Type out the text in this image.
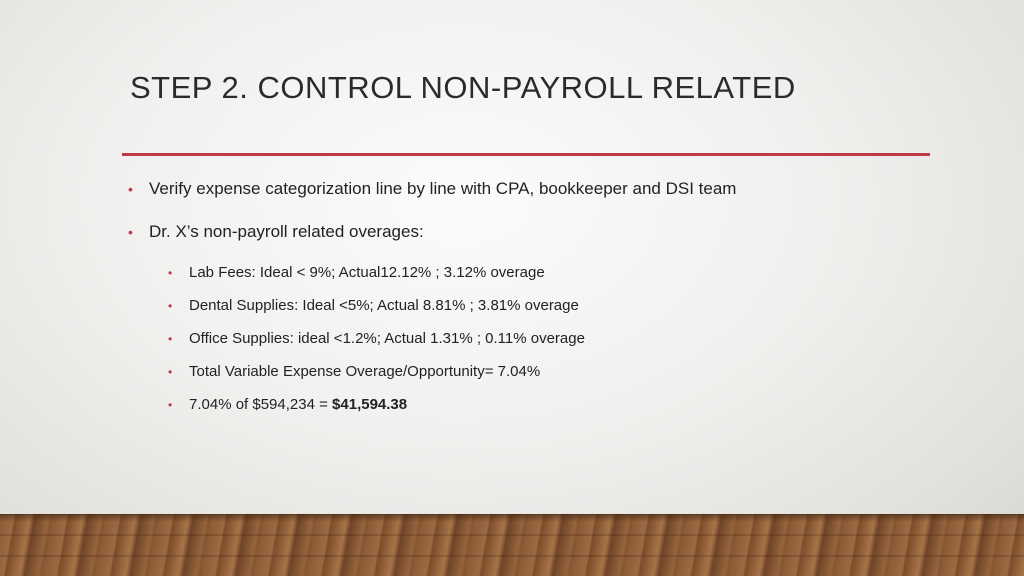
STEP 2. CONTROL NON-PAYROLL RELATED
• Verify expense categorization line by line with CPA, bookkeeper and DSI team
• Dr. X’s non-payroll related overages:
• Lab Fees: Ideal < 9%; Actual12.12% ; 3.12% overage
• Dental Supplies: Ideal <5%; Actual 8.81% ; 3.81% overage
• Office Supplies: ideal <1.2%; Actual 1.31% ; 0.11% overage
• Total Variable Expense Overage/Opportunity= 7.04%
• 7.04% of $594,234 = $41,594.38
